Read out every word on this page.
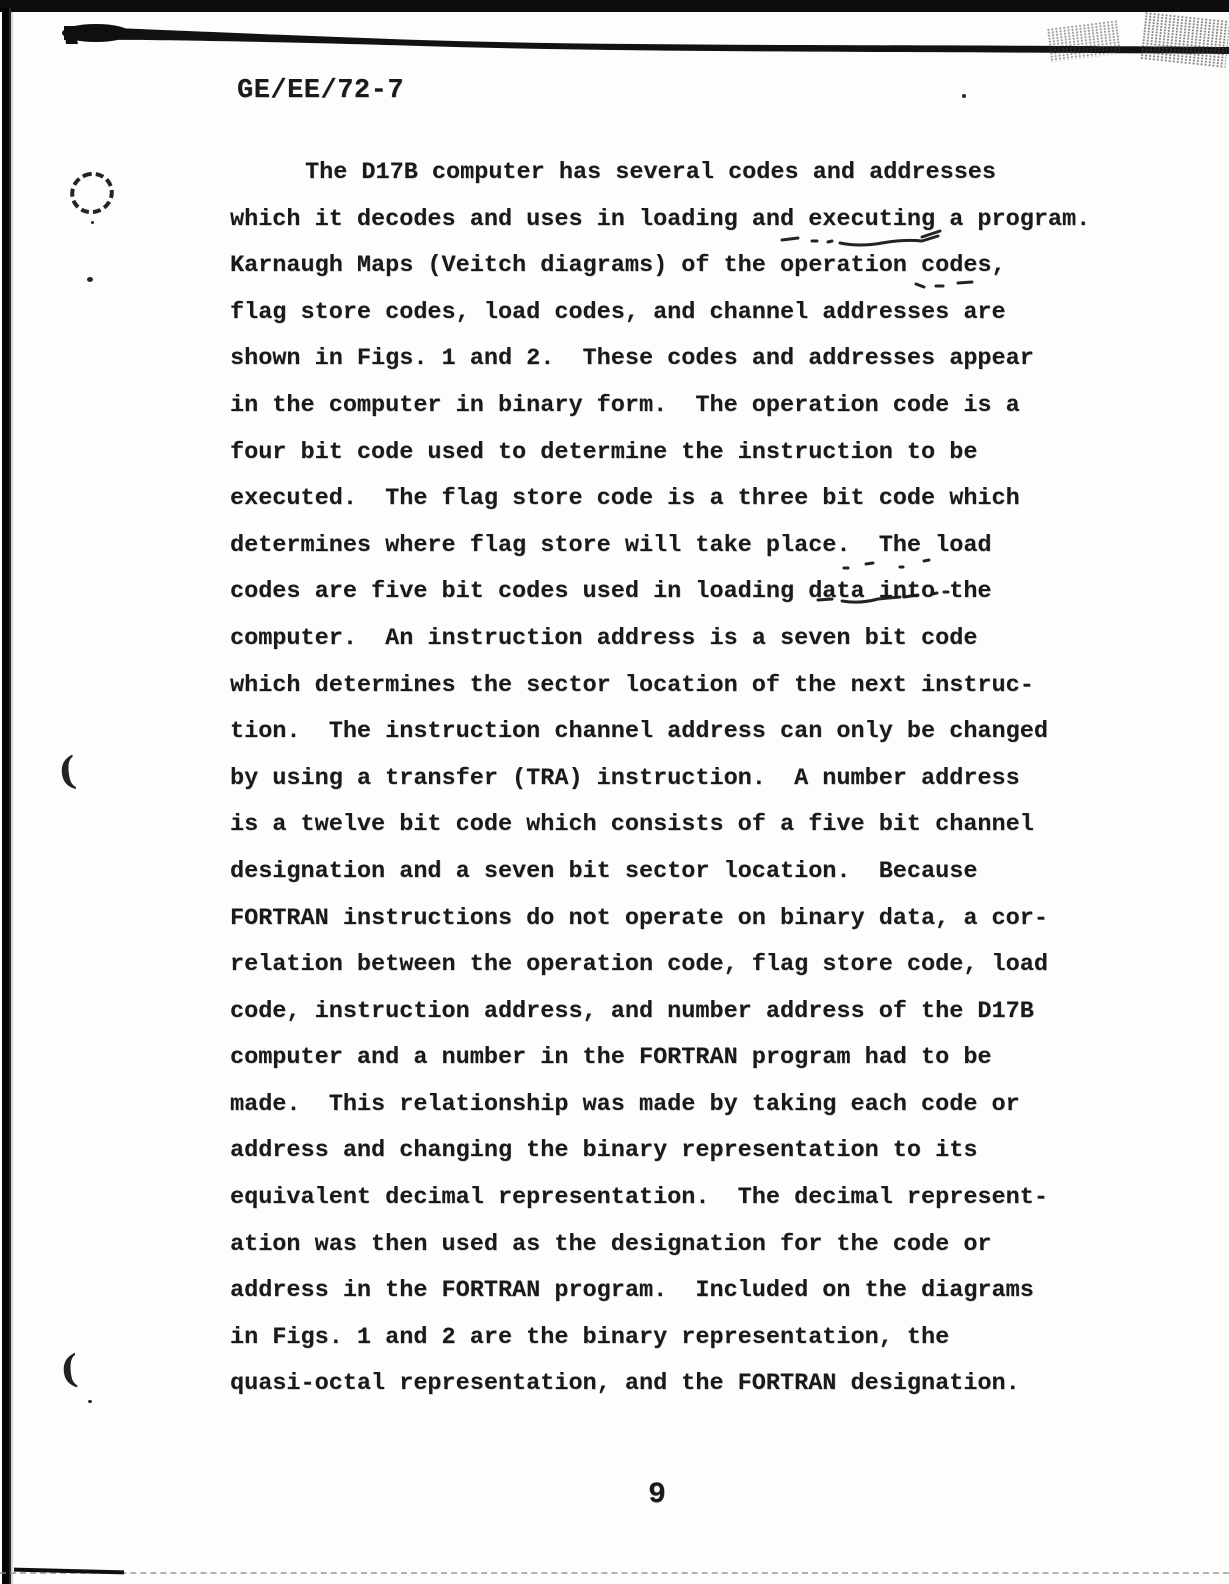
(
(
GE/EE/72-7
The D17B computer has several codes and addresses
which it decodes and uses in loading and executing a program.
Karnaugh Maps (Veitch diagrams) of the operation codes,
flag store codes, load codes, and channel addresses are
shown in Figs. 1 and 2.  These codes and addresses appear
in the computer in binary form.  The operation code is a
four bit code used to determine the instruction to be
executed.  The flag store code is a three bit code which
determines where flag store will take place.  The load
codes are five bit codes used in loading data into the
computer.  An instruction address is a seven bit code
which determines the sector location of the next instruc-
tion.  The instruction channel address can only be changed
by using a transfer (TRA) instruction.  A number address
is a twelve bit code which consists of a five bit channel
designation and a seven bit sector location.  Because
FORTRAN instructions do not operate on binary data, a cor-
relation between the operation code, flag store code, load
code, instruction address, and number address of the D17B
computer and a number in the FORTRAN program had to be
made.  This relationship was made by taking each code or
address and changing the binary representation to its
equivalent decimal representation.  The decimal represent-
ation was then used as the designation for the code or
address in the FORTRAN program.  Included on the diagrams
in Figs. 1 and 2 are the binary representation, the
quasi-octal representation, and the FORTRAN designation.
9
